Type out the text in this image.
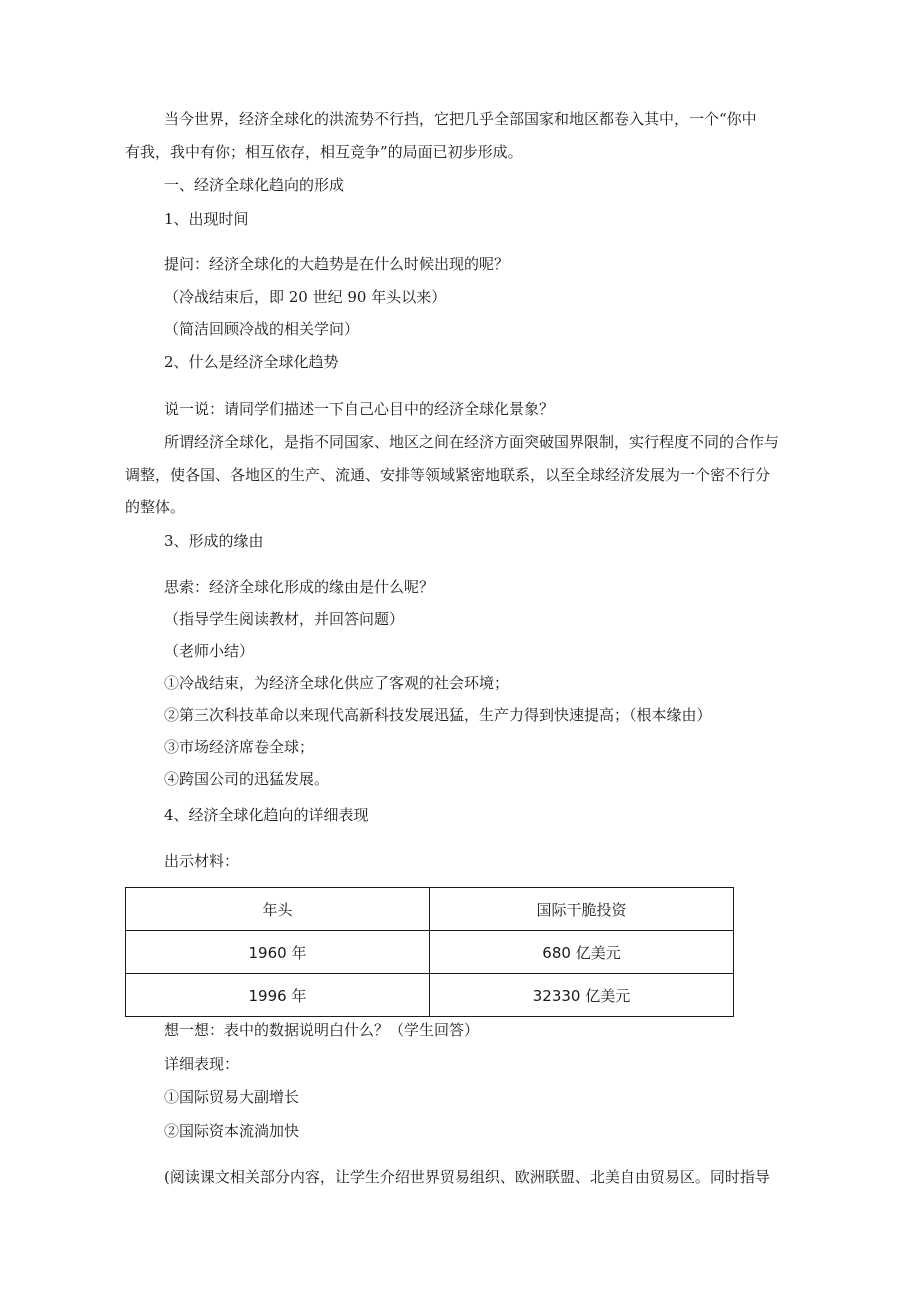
当今世界，经济全球化的洪流势不行挡，它把几乎全部国家和地区都卷入其中，一个“你中
有我，我中有你；相互依存，相互竞争”的局面已初步形成。
一、经济全球化趋向的形成
1、出现时间
提问：经济全球化的大趋势是在什么时候出现的呢？
（冷战结束后，即 20 世纪 90 年头以来）
（简洁回顾冷战的相关学问）
2、什么是经济全球化趋势
说一说：请同学们描述一下自己心目中的经济全球化景象？
所谓经济全球化，是指不同国家、地区之间在经济方面突破国界限制，实行程度不同的合作与
调整，使各国、各地区的生产、流通、安排等领域紧密地联系，以至全球经济发展为一个密不行分
的整体。
3、形成的缘由
思索：经济全球化形成的缘由是什么呢？
（指导学生阅读教材，并回答问题）
（老师小结）
①冷战结束，为经济全球化供应了客观的社会环境；
②第三次科技革命以来现代高新科技发展迅猛，生产力得到快速提高；（根本缘由）
③市场经济席卷全球；
④跨国公司的迅猛发展。
4、经济全球化趋向的详细表现
出示材料：
年头	国际干脆投资
1960 年	680 亿美元
1996 年	32330 亿美元
想一想：表中的数据说明白什么？（学生回答）
详细表现：
①国际贸易大副增长
②国际资本流淌加快
(阅读课文相关部分内容，让学生介绍世界贸易组织、欧洲联盟、北美自由贸易区。同时指导
